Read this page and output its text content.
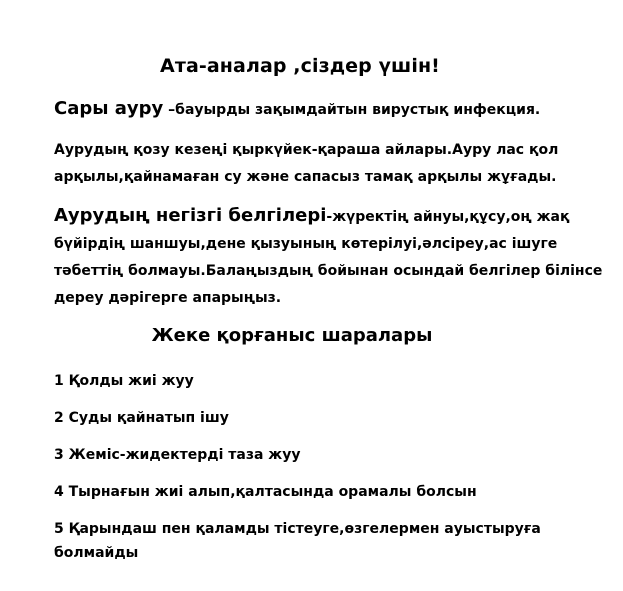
Ата-аналар ,сіздер үшін!
Сары ауру –бауырды зақымдайтын вирустық инфекция.
Аурудың қозу кезеңі қыркүйек-қараша айлары.Ауру лас қол арқылы,қайнамаған су және сапасыз тамақ арқылы жұғады.
Аурудың негізгі белгілері-жүректің айнуы,құсу,оң жақ бүйірдің шаншуы,дене қызуының көтерілуі,әлсіреу,ас ішуге тәбеттің болмауы.Балаңыздың бойынан осындай белгілер білінсе дереу дәрігерге апарыңыз.
Жеке қорғаныс шаралары
1 Қолды жиі жуу
2 Суды қайнатып ішу
3 Жеміс-жидектерді таза жуу
4 Тырнағын жиі алып,қалтасында орамалы болсын
5 Қарындаш пен қаламды тістеуге,өзгелермен ауыстыруға болмайды
